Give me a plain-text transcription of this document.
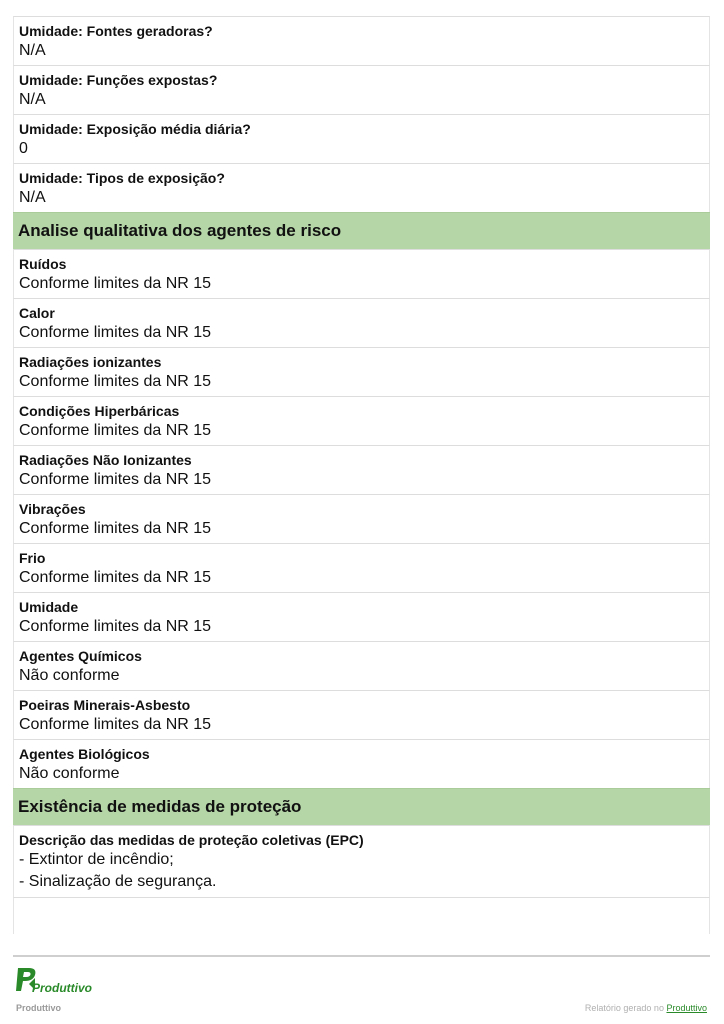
Umidade: Fontes geradoras?
N/A
Umidade: Funções expostas?
N/A
Umidade: Exposição média diária?
0
Umidade: Tipos de exposição?
N/A
Analise qualitativa dos agentes de risco
Ruídos
Conforme limites da NR 15
Calor
Conforme limites da NR 15
Radiações ionizantes
Conforme limites da NR 15
Condições Hiperbáricas
Conforme limites da NR 15
Radiações Não Ionizantes
Conforme limites da NR 15
Vibrações
Conforme limites da NR 15
Frio
Conforme limites da NR 15
Umidade
Conforme limites da NR 15
Agentes Químicos
Não conforme
Poeiras Minerais-Asbesto
Conforme limites da NR 15
Agentes Biológicos
Não conforme
Existência de medidas de proteção
Descrição das medidas de proteção coletivas (EPC)
- Extintor de incêndio;
- Sinalização de segurança.
Produttivo
Produttivo	Relatório gerado no Produttivo
